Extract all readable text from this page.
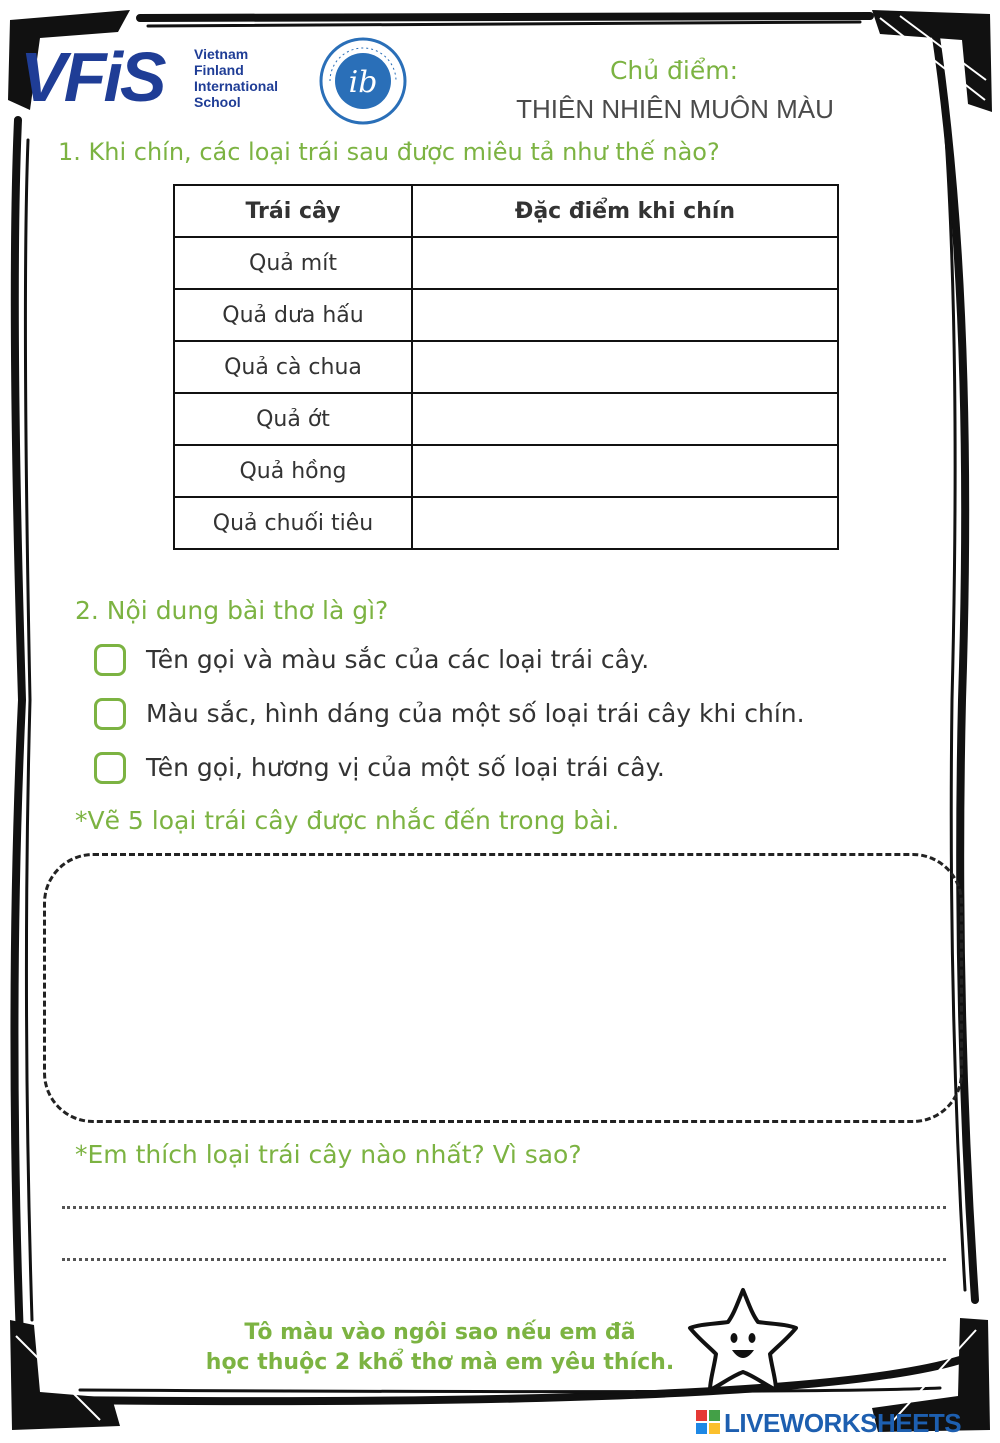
VFiS Vietnam
Finland
International
School
ib	Chủ điểm:
THIÊN NHIÊN MUÔN MÀU
1. Khi chín, các loại trái sau được miêu tả như thế nào?
Trái cây	Đặc điểm khi chín
Quả mít	
Quả dưa hấu	
Quả cà chua	
Quả ớt	
Quả hồng	
Quả chuối tiêu	
2. Nội dung bài thơ là gì?
Tên gọi và màu sắc của các loại trái cây.
Màu sắc, hình dáng của một số loại trái cây khi chín.
Tên gọi, hương vị của một số loại trái cây.
*Vẽ 5 loại trái cây được nhắc đến trong bài.
*Em thích loại trái cây nào nhất? Vì sao?
Tô màu vào ngôi sao nếu em đã
học thuộc 2 khổ thơ mà em yêu thích.
LIVEWORKSHEETS
